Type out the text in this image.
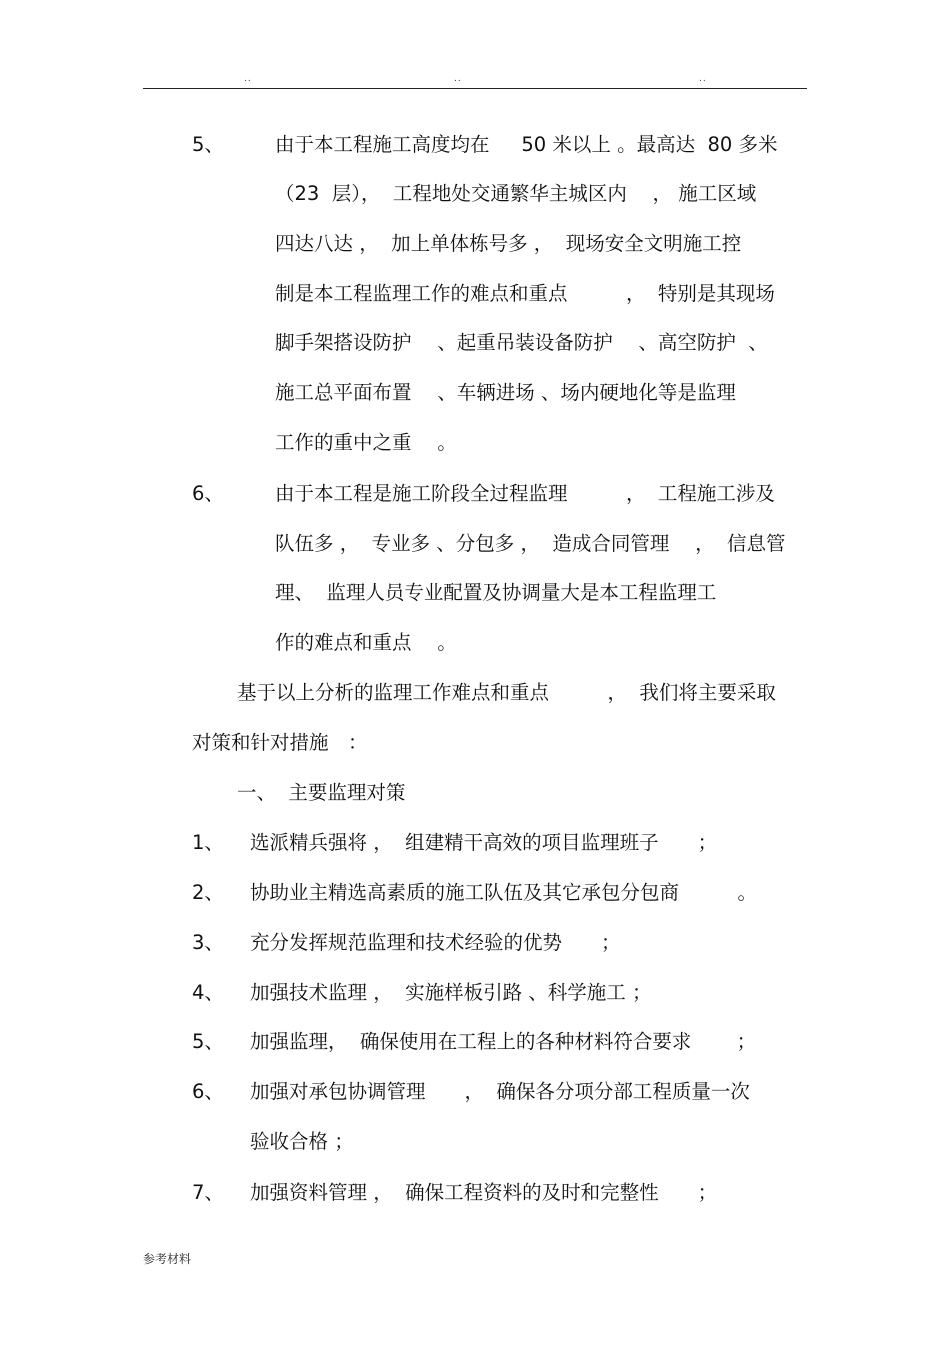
..	..	..
5、	由于本工程施工高度均在　  50 米以上 。最高达  80 多米
（23  层），  工程地处交通繁华主城区内　 ， 施工区域
四达八达 ，  加上单体栋号多 ，  现场安全文明施工控
制是本工程监理工作的难点和重点　　　，  特别是其现场
脚手架搭设防护　 、起重吊装设备防护　 、高空防护  、
施工总平面布置　 、车辆进场 、场内硬地化等是监理
工作的重中之重　 。
6、	由于本工程是施工阶段全过程监理　　　，  工程施工涉及
队伍多 ，  专业多 、分包多 ，  造成合同管理　 ，  信息管
理、  监理人员专业配置及协调量大是本工程监理工
作的难点和重点　 。
基于以上分析的监理工作难点和重点　　　，  我们将主要采取
对策和针对措施　：
一、  主要监理对策
1、 选派精兵强将 ，  组建精干高效的项目监理班子　　；
2、 协助业主精选高素质的施工队伍及其它承包分包商　　　。
3、 充分发挥规范监理和技术经验的优势　　；
4、 加强技术监理 ，  实施样板引路 、科学施工 ；
5、 加强监理，  确保使用在工程上的各种材料符合要求　　 ；
6、 加强对承包协调管理　　，  确保各分项分部工程质量一次
验收合格 ；
7、 加强资料管理 ，  确保工程资料的及时和完整性　　；
参考材料
